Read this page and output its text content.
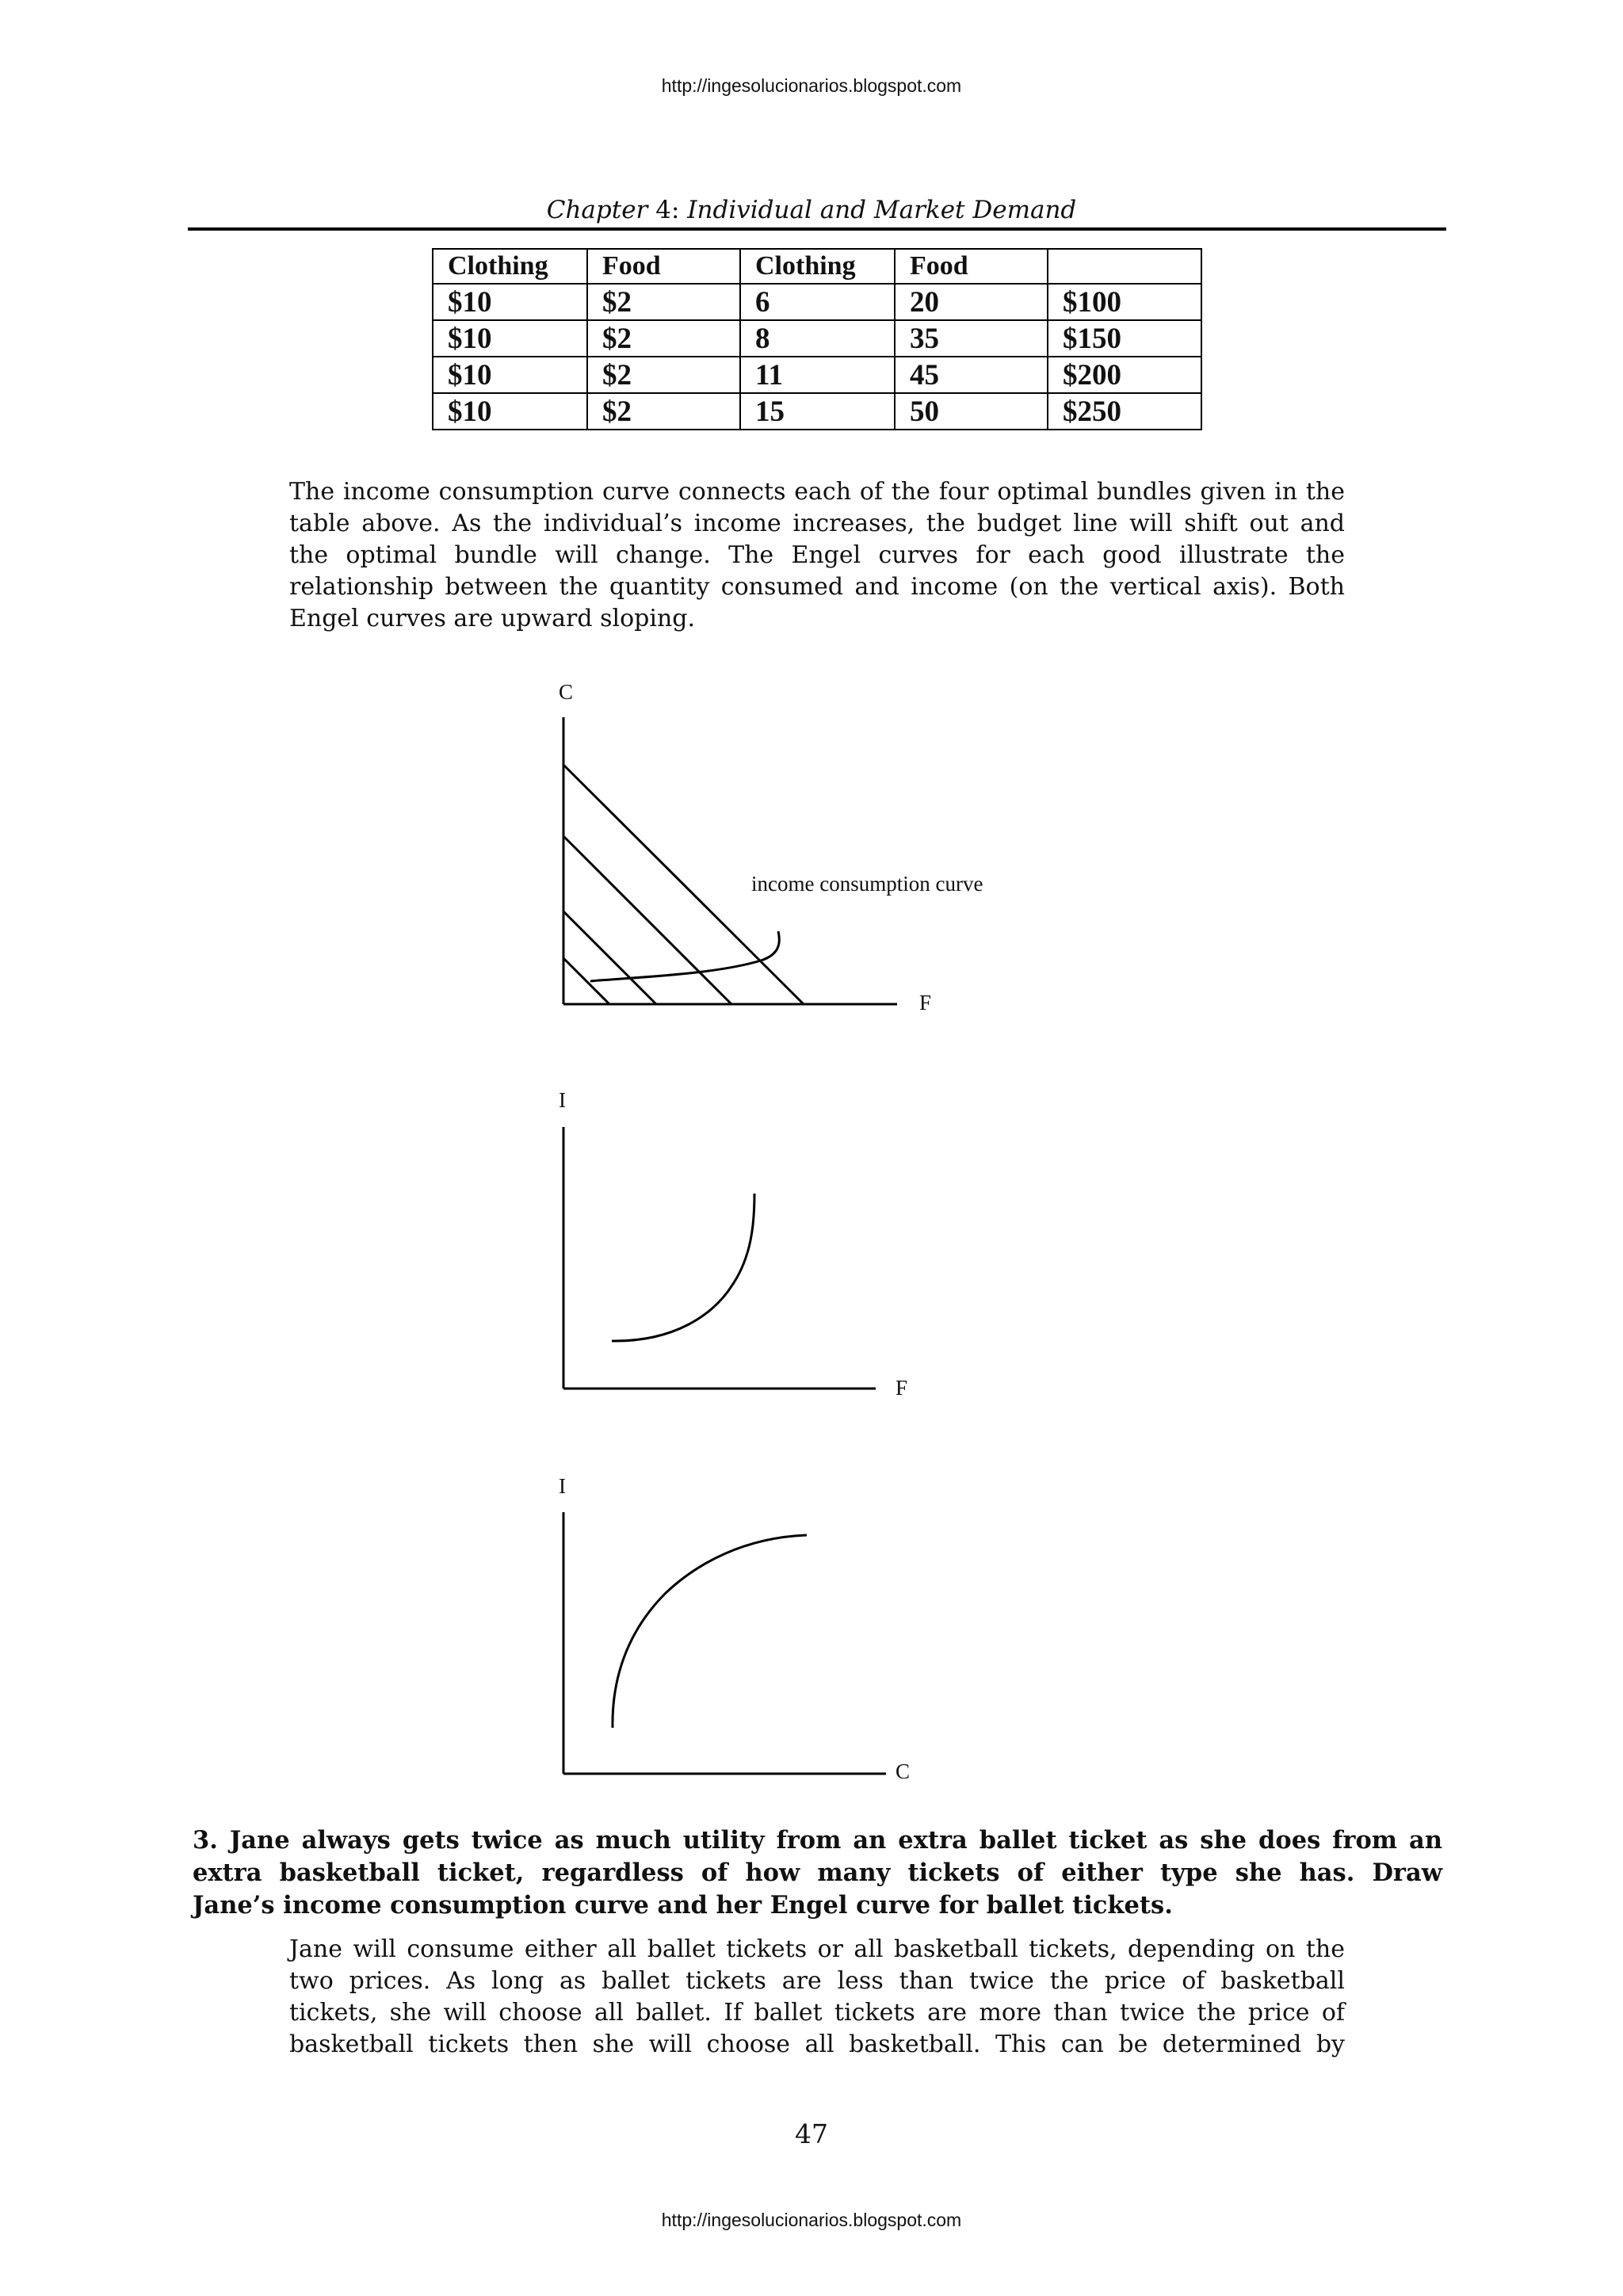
http://ingesolucionarios.blogspot.com
Chapter 4: Individual and Market Demand
Clothing	Food	Clothing	Food	
$10	$2	6	20	$100
$10	$2	8	35	$150
$10	$2	11	45	$200
$10	$2	15	50	$250
The income consumption curve connects each of the four optimal bundles given in the
table above. As the individual’s income increases, the budget line will shift out and
the optimal bundle will change. The Engel curves for each good illustrate the
relationship between the quantity consumed and income (on the vertical axis). Both
Engel curves are upward sloping.
C
F
income consumption curve
I
F
I
C
3. Jane always gets twice as much utility from an extra ballet ticket as she does from an
extra basketball ticket, regardless of how many tickets of either type she has. Draw
Jane’s income consumption curve and her Engel curve for ballet tickets.
Jane will consume either all ballet tickets or all basketball tickets, depending on the
two prices. As long as ballet tickets are less than twice the price of basketball
tickets, she will choose all ballet. If ballet tickets are more than twice the price of
basketball tickets then she will choose all basketball. This can be determined by
47
http://ingesolucionarios.blogspot.com
